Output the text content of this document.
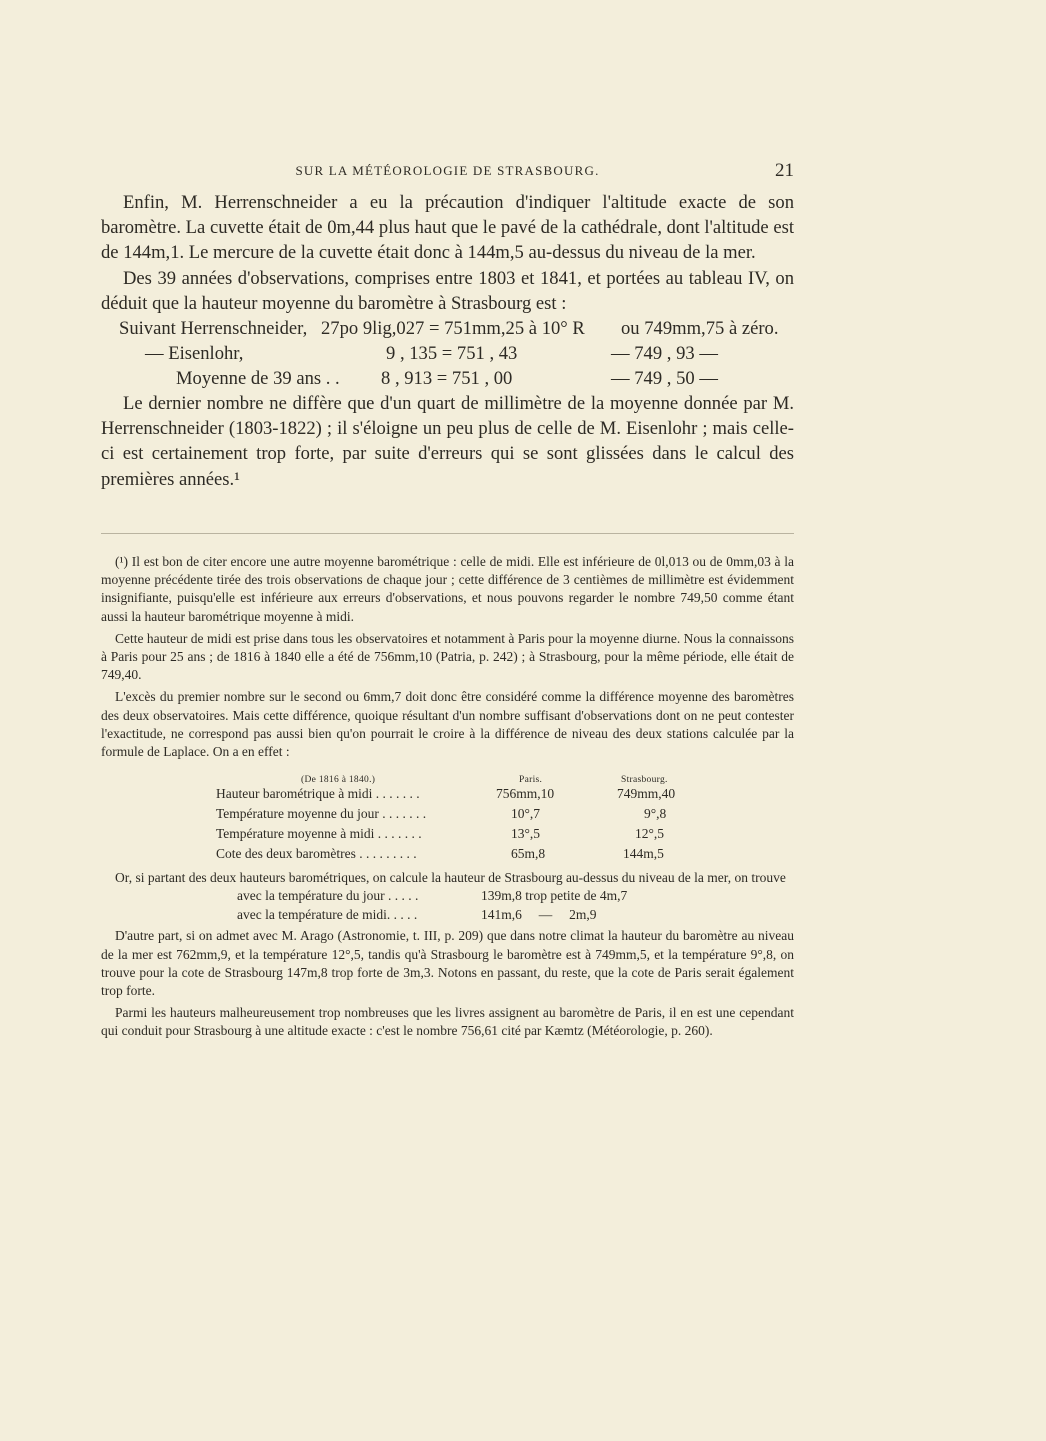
SUR LA MÉTÉOROLOGIE DE STRASBOURG.	21

Enfin, M. Herrenschneider a eu la précaution d'indiquer l'altitude exacte de son baromètre. La cuvette était de 0m,44 plus haut que le pavé de la cathédrale, dont l'altitude est de 144m,1. Le mercure de la cuvette était donc à 144m,5 au-dessus du niveau de la mer.

Des 39 années d'observations, comprises entre 1803 et 1841, et portées au tableau IV, on déduit que la hauteur moyenne du baromètre à Strasbourg est :

Suivant Herrenschneider, 27po 9lig,027 = 751mm,25 à 10° R ou 749mm,75 à zéro.
— Eisenlohr,	9 , 135 = 751 , 43	— 749 , 93 —
Moyenne de 39 ans . . 8 , 913 = 751 , 00	— 749 , 50 —

Le dernier nombre ne diffère que d'un quart de millimètre de la moyenne donnée par M. Herrenschneider (1803-1822) ; il s'éloigne un peu plus de celle de M. Eisenlohr ; mais celle-ci est certainement trop forte, par suite d'erreurs qui se sont glissées dans le calcul des premières années.¹

(¹) Il est bon de citer encore une autre moyenne barométrique : celle de midi. Elle est inférieure de 0l,013 ou de 0mm,03 à la moyenne précédente tirée des trois observations de chaque jour ; cette différence de 3 centièmes de millimètre est évidemment insignifiante, puisqu'elle est inférieure aux erreurs d'observations, et nous pouvons regarder le nombre 749,50 comme étant aussi la hauteur barométrique moyenne à midi.

Cette hauteur de midi est prise dans tous les observatoires et notamment à Paris pour la moyenne diurne. Nous la connaissons à Paris pour 25 ans ; de 1816 à 1840 elle a été de 756mm,10 (Patria, p. 242) ; à Strasbourg, pour la même période, elle était de 749,40.

L'excès du premier nombre sur le second ou 6mm,7 doit donc être considéré comme la différence moyenne des baromètres des deux observatoires. Mais cette différence, quoique résultant d'un nombre suffisant d'observations dont on ne peut contester l'exactitude, ne correspond pas aussi bien qu'on pourrait le croire à la différence de niveau des deux stations calculée par la formule de Laplace. On a en effet :

(De 1816 à 1840.)	Paris.	Strasbourg.
Hauteur barométrique à midi . . . . . . .	756mm,10	749mm,40
Température moyenne du jour . . . . . . .	10°,7	9°,8
Température moyenne à midi . . . . . . .	13°,5	12°,5
Cote des deux baromètres . . . . . . . . .	65m,8	144m,5

Or, si partant des deux hauteurs barométriques, on calcule la hauteur de Strasbourg au-dessus du niveau de la mer, on trouve

avec la température du jour . . . . .	139m,8 trop petite de 4m,7
avec la température de midi. . . . .	141m,6     —     2m,9

D'autre part, si on admet avec M. Arago (Astronomie, t. III, p. 209) que dans notre climat la hauteur du baromètre au niveau de la mer est 762mm,9, et la température 12°,5, tandis qu'à Strasbourg le baromètre est à 749mm,5, et la température 9°,8, on trouve pour la cote de Strasbourg 147m,8 trop forte de 3m,3. Notons en passant, du reste, que la cote de Paris serait également trop forte.

Parmi les hauteurs malheureusement trop nombreuses que les livres assignent au baromètre de Paris, il en est une cependant qui conduit pour Strasbourg à une altitude exacte : c'est le nombre 756,61 cité par Kæmtz (Météorologie, p. 260).
